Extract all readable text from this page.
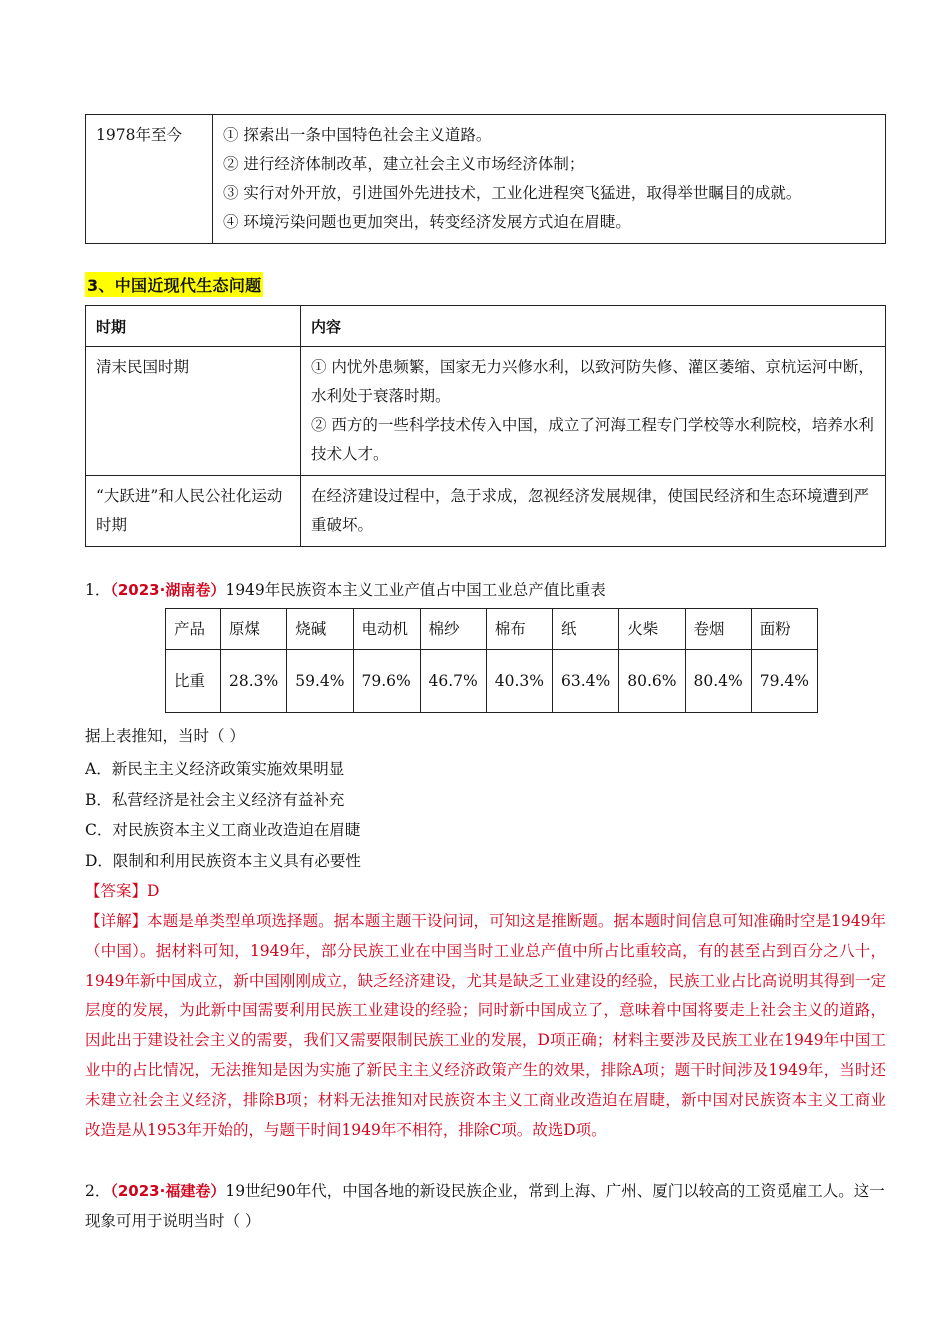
1978年至今	① 探索出一条中国特色社会主义道路。
② 进行经济体制改革，建立社会主义市场经济体制；
③ 实行对外开放，引进国外先进技术，工业化进程突飞猛进，取得举世瞩目的成就。
④ 环境污染问题也更加突出，转变经济发展方式迫在眉睫。
3、中国近现代生态问题
时期	内容
清末民国时期	① 内忧外患频繁，国家无力兴修水利，以致河防失修、灌区萎缩、京杭运河中断，水利处于衰落时期。
② 西方的一些科学技术传入中国，成立了河海工程专门学校等水利院校，培养水利技术人才。

“大跃进”和人民公社化运动时期	在经济建设过程中，急于求成，忽视经济发展规律，使国民经济和生态环境遭到严重破坏。
1．（2023·湖南卷）1949年民族资本主义工业产值占中国工业总产值比重表
产品	原煤	烧碱	电动机	棉纱	棉布	纸	火柴	卷烟	面粉
比重	28.3%	59.4%	79.6%	46.7%	40.3%	63.4%	80.6%	80.4%	79.4%
据上表推知，当时（ ）
A．新民主主义经济政策实施效果明显
B．私营经济是社会主义经济有益补充
C．对民族资本主义工商业改造迫在眉睫
D．限制和利用民族资本主义具有必要性
【答案】D
【详解】本题是单类型单项选择题。据本题主题干设问词，可知这是推断题。据本题时间信息可知准确时空是1949年（中国）。据材料可知，1949年，部分民族工业在中国当时工业总产值中所占比重较高，有的甚至占到百分之八十，1949年新中国成立，新中国刚刚成立，缺乏经济建设，尤其是缺乏工业建设的经验，民族工业占比高说明其得到一定层度的发展，为此新中国需要利用民族工业建设的经验；同时新中国成立了，意味着中国将要走上社会主义的道路，因此出于建设社会主义的需要，我们又需要限制民族工业的发展，D项正确；材料主要涉及民族工业在1949年中国工业中的占比情况，无法推知是因为实施了新民主主义经济政策产生的效果，排除A项；题干时间涉及1949年，当时还未建立社会主义经济，排除B项；材料无法推知对民族资本主义工商业改造迫在眉睫，新中国对民族资本主义工商业改造是从1953年开始的，与题干时间1949年不相符，排除C项。故选D项。
2．（2023·福建卷）19世纪90年代，中国各地的新设民族企业，常到上海、广州、厦门以较高的工资觅雇工人。这一现象可用于说明当时（ ）
